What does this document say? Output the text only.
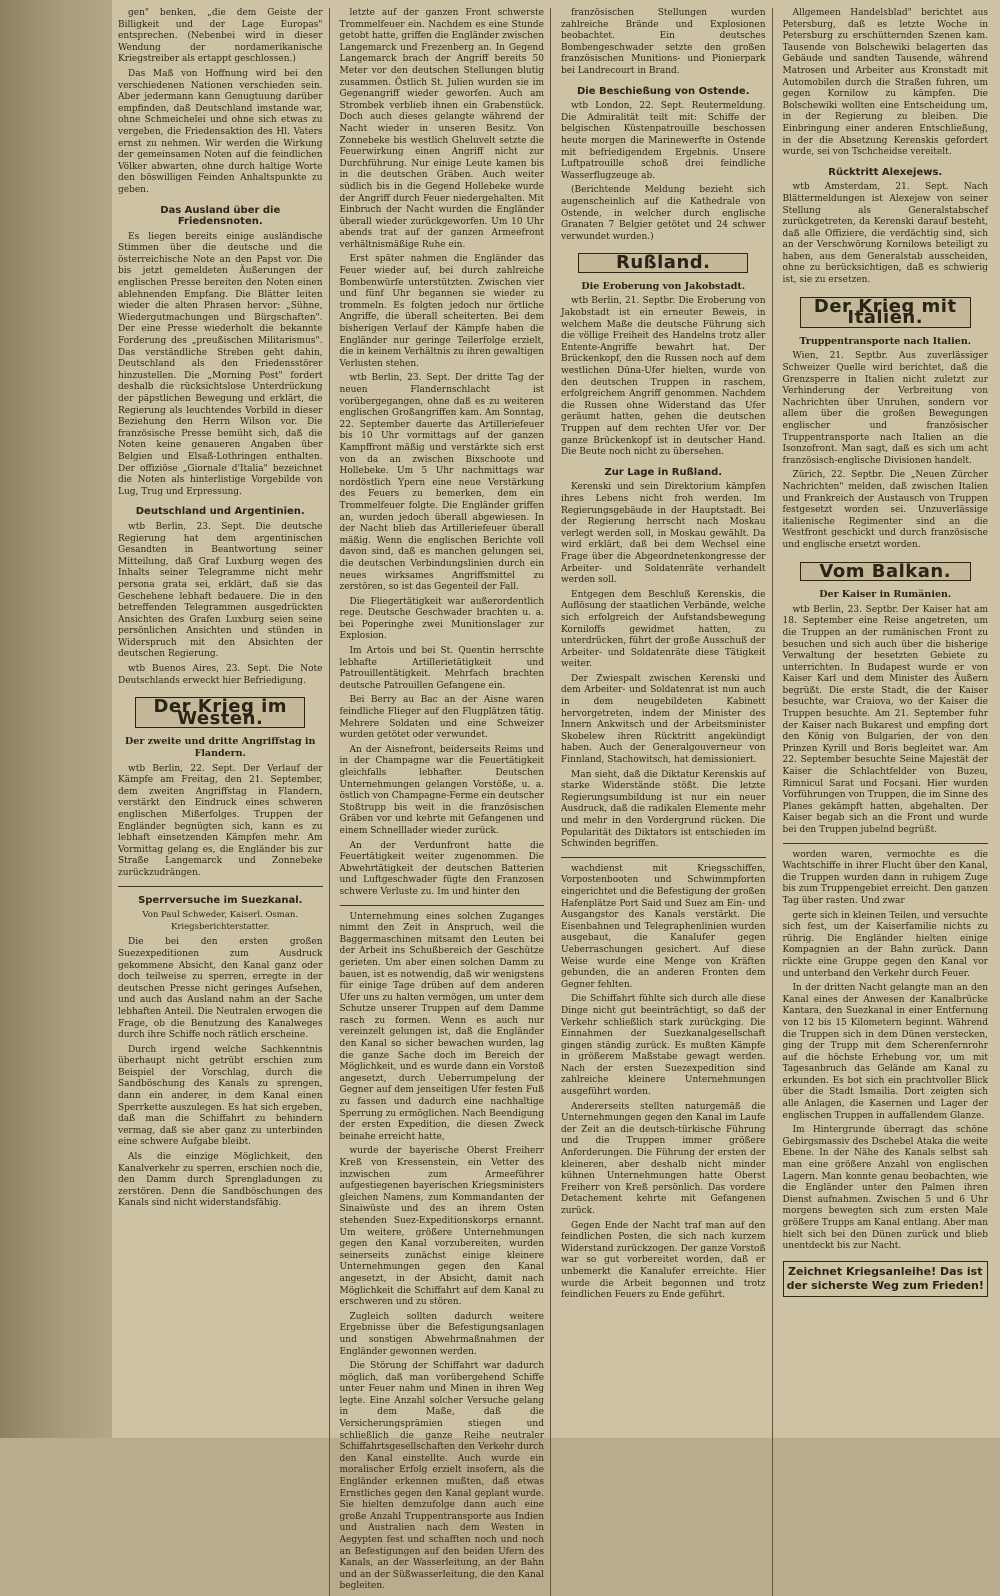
gen" benken, „die dem Geiste der Billigkeit und der Lage Europas" entsprechen. (Nebenbei wird in dieser Wendung der nordamerikanische Kriegstreiber als ertappt geschlossen.)

Das Maß von Hoffnung wird bei den verschiedenen Nationen verschieden sein. Aber jedermann kann Genugtuung darüber empfinden, daß Deutschland imstande war, ohne Schmeichelei und ohne sich etwas zu vergeben, die Friedensaktion des Hl. Vaters ernst zu nehmen. Wir werden die Wirkung der gemeinsamen Noten auf die feindlichen Völker abwarten, ohne durch haltige Worte den böswilligen Feinden Anhaltspunkte zu geben.

Das Ausland über die Friedensnoten.

Es liegen bereits einige ausländische Stimmen über die deutsche und die österreichische Note an den Papst vor. Die bis jetzt gemeldeten Äußerungen der englischen Presse bereiten den Noten einen ablehnenden Empfang. Die Blätter leiten wieder die alten Phrasen hervor: „Sühne, Wiedergutmachungen und Bürgschaften". Der eine Presse wiederholt die bekannte Forderung des „preußischen Militarismus". Das verständliche Streben geht dahin, Deutschland als den Friedensstörer hinzustellen. Die „Morning Post" fordert deshalb die rücksichtslose Unterdrückung der päpstlichen Bewegung und erklärt, die Regierung als leuchtendes Vorbild in dieser Beziehung den Herrn Wilson vor. Die französische Presse bemüht sich, daß die Noten keine genaueren Angaben über Belgien und Elsaß-Lothringen enthalten. Der offiziöse „Giornale d'Italia" bezeichnet die Noten als hinterlistige Vorgebilde von Lug, Trug und Erpressung.

Deutschland und Argentinien.

wtb Berlin, 23. Sept. Die deutsche Regierung hat dem argentinischen Gesandten in Beantwortung seiner Mitteilung, daß Graf Luxburg wegen des Inhalts seiner Telegramme nicht mehr persona grata sei, erklärt, daß sie das Geschehene lebhaft bedauere. Die in den betreffenden Telegrammen ausgedrückten Ansichten des Grafen Luxburg seien seine persönlichen Ansichten und stünden in Widerspruch mit den Absichten der deutschen Regierung.

wtb Buenos Aires, 23. Sept. Die Note Deutschlands erweckt hier Befriedigung.

Der Krieg im Westen.
Der zweite und dritte Angriffstag in Flandern.

wtb Berlin, 22. Sept. Der Verlauf der Kämpfe am Freitag, den 21. September, dem zweiten Angriffstag in Flandern, verstärkt den Eindruck eines schweren englischen Mißerfolges. Truppen der Engländer begnügten sich, kann es zu lebhaft einsetzenden Kämpfen mehr. Am Vormittag gelang es, die Engländer bis zur Straße Langemarck und Zonnebeke zurückzudrängen.

Sperrversuche im Suezkanal.
Von Paul Schweder, Kaiserl. Osman. Kriegsberichterstatter.

Die bei den ersten großen Suezexpeditionen zum Ausdruck gekommene Absicht, den Kanal ganz oder doch teilweise zu sperren, erregte in der deutschen Presse nicht geringes Aufsehen, und auch das Ausland nahm an der Sache lebhaften Anteil. Die Neutralen erwogen die Frage, ob die Benutzung des Kanalweges durch ihre Schiffe noch rätlich erscheine.

Durch irgend welche Sachkenntnis überhaupt nicht getrübt erschien zum Beispiel der Vorschlag, durch die Sandböschung des Kanals zu sprengen, dann ein anderer, in dem Kanal einen Sperrkette auszulegen. Es hat sich ergeben, daß man die Schiffahrt zu behindern vermag, daß sie aber ganz zu unterbinden eine schwere Aufgabe bleibt.

Als die einzige Möglichkeit, den Kanalverkehr zu sperren, erschien noch die, den Damm durch Sprengladungen zu zerstören. Denn die Sandböschungen des Kanals sind nicht widerstandsfähig.

letzte auf der ganzen Front schwerste Trommelfeuer ein. Nachdem es eine Stunde getobt hatte, griffen die Engländer zwischen Langemarck und Frezenberg an. In Gegend Langemarck brach der Angriff bereits 50 Meter vor den deutschen Stellungen blutig zusammen. Östlich St. Julien wurden sie im Gegenangriff wieder geworfen. Auch am Strombek verblieb ihnen ein Grabenstück. Doch auch dieses gelangte während der Nacht wieder in unseren Besitz. Von Zonnebeke bis westlich Gheluvelt setzte die Feuerwirkung einen Angriff nicht zur Durchführung. Nur einige Leute kamen bis in die deutschen Gräben. Auch weiter südlich bis in die Gegend Hollebeke wurde der Angriff durch Feuer niedergehalten. Mit Einbruch der Nacht wurden die Engländer überall wieder zurückgeworfen. Um 10 Uhr abends trat auf der ganzen Armeefront verhältnismäßige Ruhe ein.

Erst später nahmen die Engländer das Feuer wieder auf, bei durch zahlreiche Bombenwürfe unterstützten. Zwischen vier und fünf Uhr begannen sie wieder zu trommeln. Es folgten jedoch nur örtliche Angriffe, die überall scheiterten. Bei dem bisherigen Verlauf der Kämpfe haben die Engländer nur geringe Teilerfolge erzielt, die in keinem Verhältnis zu ihren gewaltigen Verlusten stehen.

wtb Berlin, 23. Sept. Der dritte Tag der neuen Flandernschlacht ist vorübergegangen, ohne daß es zu weiteren englischen Großangriffen kam. Am Sonntag, 22. September dauerte das Artilleriefeuer bis 10 Uhr vormittags auf der ganzen Kampffront mäßig und verstärkte sich erst von da an zwischen Bixschoote und Hollebeke. Um 5 Uhr nachmittags war nordöstlich Ypern eine neue Verstärkung des Feuers zu bemerken, dem ein Trommelfeuer folgte. Die Engländer griffen an, wurden jedoch überall abgewiesen. In der Nacht blieb das Artilleriefeuer überall mäßig. Wenn die englischen Berichte voll davon sind, daß es manchen gelungen sei, die deutschen Verbindungslinien durch ein neues wirksames Angriffsmittel zu zerstören, so ist das Gegenteil der Fall.

Die Fliegertätigkeit war außerordentlich rege. Deutsche Geschwader brachten u. a. bei Poperinghe zwei Munitionslager zur Explosion.

Im Artois und bei St. Quentin herrschte lebhafte Artillerietätigkeit und Patrouillentätigkeit. Mehrfach brachten deutsche Patrouillen Gefangene ein.

Bei Berry au Bac an der Aisne waren feindliche Flieger auf den Flugplätzen tätig. Mehrere Soldaten und eine Schweizer wurden getötet oder verwundet.

An der Aisnefront, beiderseits Reims und in der Champagne war die Feuertätigkeit gleichfalls lebhafter. Deutschen Unternehmungen gelangen Vorstöße, u. a. östlich von Champagne-Ferme ein deutscher Stoßtrupp bis weit in die französischen Gräben vor und kehrte mit Gefangenen und einem Schnelllader wieder zurück.

An der Verdunfront hatte die Feuertätigkeit weiter zugenommen. Die Abwehrtätigkeit der deutschen Batterien und Luftgeschwader fügte den Franzosen schwere Verluste zu. Im und hinter den

Unternehmung eines solchen Zuganges nimmt den Zeit in Anspruch, weil die Baggermaschinen mitsamt den Leuten bei der Arbeit ins Schußbereich der Geschütze gerieten. Um aber einen solchen Damm zu bauen, ist es notwendig, daß wir wenigstens für einige Tage drüben auf dem anderen Ufer uns zu halten vermögen, um unter dem Schutze unserer Truppen auf dem Damme rasch zu formen. Wenn es auch nur vereinzelt gelungen ist, daß die Engländer den Kanal so sicher bewachen wurden, lag die ganze Sache doch im Bereich der Möglichkeit, und es wurde dann ein Vorstoß angesetzt, durch Ueberrumpelung der Gegner auf dem jenseitigen Ufer festen Fuß zu fassen und dadurch eine nachhaltige Sperrung zu ermöglichen. Nach Beendigung der ersten Expedition, die diesen Zweck beinahe erreicht hatte,

wurde der bayerische Oberst Freiherr Kreß von Kressenstein, ein Vetter des inzwischen zum Armeeführer aufgestiegenen bayerischen Kriegsministers gleichen Namens, zum Kommandanten der Sinaiwüste und des an ihrem Osten stehenden Suez-Expeditionskorps ernannt. Um weitere, größere Unternehmungen gegen den Kanal vorzubereiten, wurden seinerseits zunächst einige kleinere Unternehmungen gegen den Kanal angesetzt, in der Absicht, damit nach Möglichkeit die Schiffahrt auf dem Kanal zu erschweren und zu stören.

Zugleich sollten dadurch weitere Ergebnisse über die Befestigungsanlagen und sonstigen Abwehrmaßnahmen der Engländer gewonnen werden.

Die Störung der Schiffahrt war dadurch möglich, daß man vorübergehend Schiffe unter Feuer nahm und Minen in ihren Weg legte. Eine Anzahl solcher Versuche gelang in dem Maße, daß die Versicherungsprämien stiegen und schließlich die ganze Reihe neutraler Schiffahrtsgesellschaften den Verkehr durch den Kanal einstellte. Auch wurde ein moralischer Erfolg erzielt insofern, als die Engländer erkennen mußten, daß etwas Ernstliches gegen den Kanal geplant wurde. Sie hielten demzufolge dann auch eine große Anzahl Truppentransporte aus Indien und Australien nach dem Westen in Aegypten fest und schafften noch und noch an Befestigungen auf den beiden Ufern des Kanals, an der Wasserleitung, an der Bahn und an der Süßwasserleitung, die den Kanal begleiten.

französischen Stellungen wurden zahlreiche Brände und Explosionen beobachtet. Ein deutsches Bombengeschwader setzte den großen französischen Munitions- und Pionierpark bei Landrecourt in Brand.

Die Beschießung von Ostende.

wtb London, 22. Sept. Reutermeldung. Die Admiralität teilt mit: Schiffe der belgischen Küstenpatrouille beschossen heute morgen die Marinewerfte in Ostende mit befriedigendem Ergebnis. Unsere Luftpatrouille schoß drei feindliche Wasserflugzeuge ab.

(Berichtende Meldung bezieht sich augenscheinlich auf die Kathedrale von Ostende, in welcher durch englische Granaten 7 Belgier getötet und 24 schwer verwundet wurden.)

Rußland.
Die Eroberung von Jakobstadt.

wtb Berlin, 21. Septbr. Die Eroberung von Jakobstadt ist ein erneuter Beweis, in welchem Maße die deutsche Führung sich die völlige Freiheit des Handelns trotz aller Entente-Angriffe bewahrt hat. Der Brückenkopf, den die Russen noch auf dem westlichen Düna-Ufer hielten, wurde von den deutschen Truppen in raschem, erfolgreichem Angriff genommen. Nachdem die Russen ohne Widerstand das Ufer geräumt hatten, gehen die deutschen Truppen auf dem rechten Ufer vor. Der ganze Brückenkopf ist in deutscher Hand. Die Beute noch nicht zu übersehen.

Zur Lage in Rußland.

Kerenski und sein Direktorium kämpfen ihres Lebens nicht froh werden. Im Regierungsgebäude in der Hauptstadt. Bei der Regierung herrscht nach Moskau verlegt werden soll, in Moskau gewählt. Da wird erklärt, daß bei dem Wechsel eine Frage über die Abgeordnetenkongresse der Arbeiter- und Soldatenräte verhandelt werden soll.

Entgegen dem Beschluß Kerenskis, die Auflösung der staatlichen Verbände, welche sich erfolgreich der Aufstandsbewegung Korniloffs gewidmet hatten, zu unterdrücken, führt der große Ausschuß der Arbeiter- und Soldatenräte diese Tätigkeit weiter.

Der Zwiespalt zwischen Kerenski und dem Arbeiter- und Soldatenrat ist nun auch in dem neugebildeten Kabinett hervorgetreten, indem der Minister des Innern Ankwitsch und der Arbeitsminister Skobelew ihren Rücktritt angekündigt haben. Auch der Generalgouverneur von Finnland, Stachowitsch, hat demissioniert.

Man sieht, daß die Diktatur Kerenskis auf starke Widerstände stößt. Die letzte Regierungsumbildung ist nur ein neuer Ausdruck, daß die radikalen Elemente mehr und mehr in den Vordergrund rücken. Die Popularität des Diktators ist entschieden im Schwinden begriffen.

wachdienst mit Kriegsschiffen, Vorpostenbooten und Schwimmpforten eingerichtet und die Befestigung der großen Hafenplätze Port Said und Suez am Ein- und Ausgangstor des Kanals verstärkt. Die Eisenbahnen und Telegraphenlinien wurden ausgebaut, die Kanalufer gegen Ueberraschungen gesichert. Auf diese Weise wurde eine Menge von Kräften gebunden, die an anderen Fronten dem Gegner fehlten.

Die Schiffahrt fühlte sich durch alle diese Dinge nicht gut beeinträchtigt, so daß der Verkehr schließlich stark zurückging. Die Einnahmen der Suezkanalgesellschaft gingen ständig zurück. Es mußten Kämpfe in größerem Maßstabe gewagt werden. Nach der ersten Suezexpedition sind zahlreiche kleinere Unternehmungen ausgeführt worden.

Andererseits stellten naturgemäß die Unternehmungen gegen den Kanal im Laufe der Zeit an die deutsch-türkische Führung und die Truppen immer größere Anforderungen. Die Führung der ersten der kleineren, aber deshalb nicht minder kühnen Unternehmungen hatte Oberst Freiherr von Kreß persönlich. Das vordere Detachement kehrte mit Gefangenen zurück.

Gegen Ende der Nacht traf man auf den feindlichen Posten, die sich nach kurzem Widerstand zurückzogen. Der ganze Vorstoß war so gut vorbereitet worden, daß er unbemerkt die Kanalufer erreichte. Hier wurde die Arbeit begonnen und trotz feindlichen Feuers zu Ende geführt.

Allgemeen Handelsblad" berichtet aus Petersburg, daß es letzte Woche in Petersburg zu erschütternden Szenen kam. Tausende von Bolschewiki belagerten das Gebäude und sandten Tausende, während Matrosen und Arbeiter aus Kronstadt mit Automobilen durch die Straßen fuhren, um gegen Kornilow zu kämpfen. Die Bolschewiki wollten eine Entscheidung um, in der Regierung zu bleiben. Die Einbringung einer anderen Entschließung, in der die Absetzung Kerenskis gefordert wurde, sei von Tschcheidse vereitelt.

Rücktritt Alexejews.

wtb Amsterdam, 21. Sept. Nach Blättermeldungen ist Alexejew von seiner Stellung als Generalstabschef zurückgetreten, da Kerenski darauf besteht, daß alle Offiziere, die verdächtig sind, sich an der Verschwörung Kornilows beteiligt zu haben, aus dem Generalstab ausscheiden, ohne zu berücksichtigen, daß es schwierig ist, sie zu ersetzen.

Der Krieg mit Italien.
Truppentransporte nach Italien.

Wien, 21. Septbr. Aus zuverlässiger Schweizer Quelle wird berichtet, daß die Grenzsperre in Italien nicht zuletzt zur Verhinderung der Verbreitung von Nachrichten über Unruhen, sondern vor allem über die großen Bewegungen englischer und französischer Truppentransporte nach Italien an die Isonzofront. Man sagt, daß es sich um acht französisch-englische Divisionen handelt.

Zürich, 22. Septbr. Die „Neuen Zürcher Nachrichten" melden, daß zwischen Italien und Frankreich der Austausch von Truppen festgesetzt worden sei. Unzuverlässige italienische Regimenter sind an die Westfront geschickt und durch französische und englische ersetzt worden.

Vom Balkan.
Der Kaiser in Rumänien.

wtb Berlin, 23. Septbr. Der Kaiser hat am 18. September eine Reise angetreten, um die Truppen an der rumänischen Front zu besuchen und sich auch über die bisherige Verwaltung der besetzten Gebiete zu unterrichten. In Budapest wurde er von Kaiser Karl und dem Minister des Äußern begrüßt. Die erste Stadt, die der Kaiser besuchte, war Craiova, wo der Kaiser die Truppen besuchte. Am 21. September fuhr der Kaiser nach Bukarest und empfing dort den König von Bulgarien, der von den Prinzen Kyrill und Boris begleitet war. Am 22. September besuchte Seine Majestät der Kaiser die Schlachtfelder von Buzeu, Rimnicul Sarat und Focșani. Hier wurden Vorführungen von Truppen, die im Sinne des Planes gekämpft hatten, abgehalten. Der Kaiser begab sich an die Front und wurde bei den Truppen jubelnd begrüßt.

worden waren, vermochte es die Wachtschiffe in ihrer Flucht über den Kanal, die Truppen wurden dann in ruhigem Zuge bis zum Truppengebiet erreicht. Den ganzen Tag über rasten. Und zwar

gerte sich in kleinen Teilen, und versuchte sich fest, um der Kaiserfamilie nichts zu rührig. Die Engländer hielten einige Kompagnien an der Bahn zurück. Dann rückte eine Gruppe gegen den Kanal vor und unterband den Verkehr durch Feuer.

In der dritten Nacht gelangte man an den Kanal eines der Anwesen der Kanalbrücke Kantara, den Suezkanal in einer Entfernung von 12 bis 15 Kilometern beginnt. Während die Truppen sich in dem Dünen verstecken, ging der Trupp mit dem Scherenfernrohr auf die höchste Erhebung vor, um mit Tagesanbruch das Gelände am Kanal zu erkunden. Es bot sich ein prachtvoller Blick über die Stadt Ismailia. Dort zeigten sich alle Anlagen, die Kasernen und Lager der englischen Truppen in auffallendem Glanze.

Im Hintergrunde überragt das schöne Gebirgsmassiv des Dschebel Ataka die weite Ebene. In der Nähe des Kanals selbst sah man eine größere Anzahl von englischen Lagern. Man konnte genau beobachten, wie die Engländer unter den Palmen ihren Dienst aufnahmen. Zwischen 5 und 6 Uhr morgens bewegten sich zum ersten Male größere Trupps am Kanal entlang. Aber man hielt sich bei den Dünen zurück und blieb unentdeckt bis zur Nacht.

Zeichnet Kriegsanleihe! Das ist der sicherste Weg zum Frieden!
